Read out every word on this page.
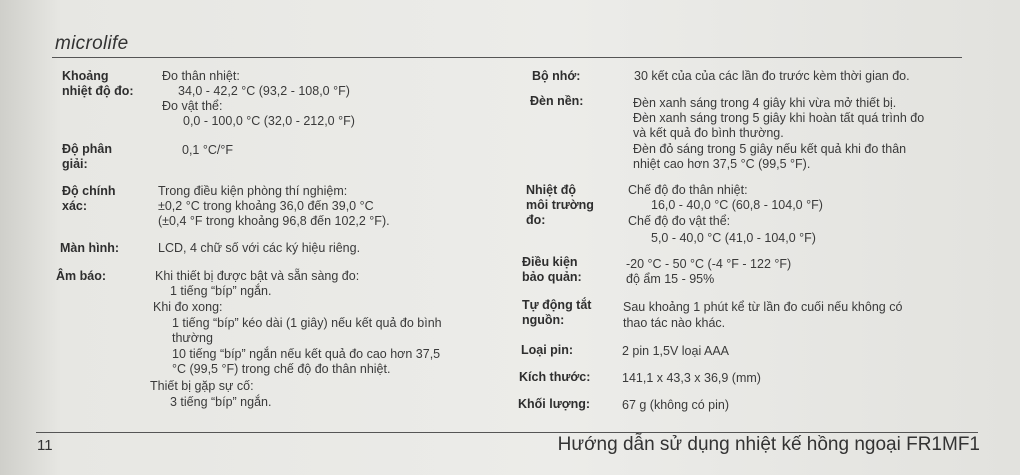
microlife
Khoảng
nhiệt độ đo:
Đo thân nhiệt:
34,0 - 42,2 °C (93,2 - 108,0 °F)
Đo vật thể:
0,0 - 100,0 °C (32,0 - 212,0 °F)
Độ phân
giải:
0,1 °C/°F
Độ chính
xác:
Trong điều kiện phòng thí nghiệm:
±0,2 °C trong khoảng 36,0 đến 39,0 °C
(±0,4 °F trong khoảng 96,8 đến 102,2 °F).
Màn hình:	LCD, 4 chữ số với các ký hiệu riêng.
Âm báo:	Khi thiết bị được bật và sẵn sàng đo:
1 tiếng “bíp” ngắn.
Khi đo xong:
1 tiếng “bíp” kéo dài (1 giây) nếu kết quả đo bình
thường
10 tiếng “bíp” ngắn nếu kết quả đo cao hơn 37,5
°C (99,5 °F) trong chế độ đo thân nhiệt.
Thiết bị gặp sự cố:
3 tiếng “bíp” ngắn.
Bộ nhớ:	30 kết của của các lần đo trước kèm thời gian đo.
Đèn nền:	Đèn xanh sáng trong 4 giây khi vừa mở thiết bị.
Đèn xanh sáng trong 5 giây khi hoàn tất quá trình đo
và kết quả đo bình thường.
Đèn đỏ sáng trong 5 giây nếu kết quả khi đo thân
nhiệt cao hơn 37,5 °C (99,5 °F).
Nhiệt độ
môi trường
đo:
Chế độ đo thân nhiệt:
16,0 - 40,0 °C (60,8 - 104,0 °F)
Chế độ đo vật thể:
5,0 - 40,0 °C (41,0 - 104,0 °F)
Điều kiện
bảo quản:
-20 °C - 50 °C (-4 °F - 122 °F)
độ ẩm 15 - 95%
Tự động tắt
nguồn:
Sau khoảng 1 phút kể từ lần đo cuối nếu không có
thao tác nào khác.
Loại pin:	2 pin 1,5V loại AAA
Kích thước:	141,1 x 43,3 x 36,9 (mm)
Khối lượng:	67 g (không có pin)
11	Hướng dẫn sử dụng nhiệt kế hồng ngoại FR1MF1
